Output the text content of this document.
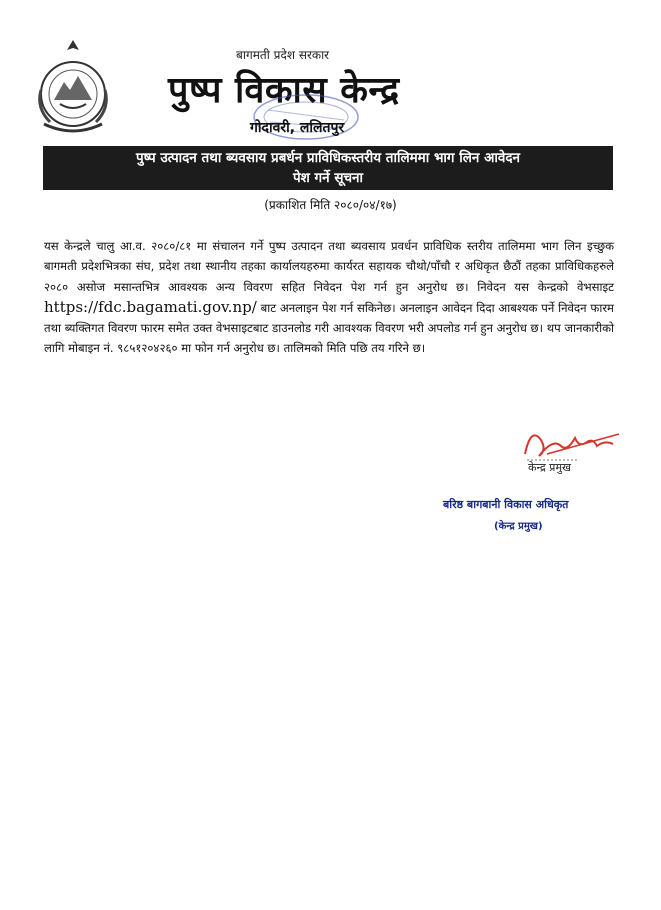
बागमती प्रदेश सरकार
पुष्प विकास केन्द्र
गोदावरी, ललितपुर
पुष्प उत्पादन तथा ब्यवसाय प्रबर्धन प्राविधिकस्तरीय तालिममा भाग लिन आवेदन
पेश गर्ने सूचना
(प्रकाशित मिति २०८०/०४/१७)
यस केन्द्रले चालु आ.व. २०८०/८१ मा संचालन गर्ने पुष्प उत्पादन तथा ब्यवसाय प्रवर्धन प्राविधिक स्तरीय तालिममा भाग लिन इच्छुक बागमती प्रदेशभित्रका संघ, प्रदेश तथा स्थानीय तहका कार्यालयहरुमा कार्यरत सहायक चौथो/पाँचौ र अधिकृत छैठौं तहका प्राविधिकहरुले २०८० असोज मसान्तभित्र आवश्यक अन्य विवरण सहित निवेदन पेश गर्न हुन अनुरोध छ। निवेदन यस केन्द्रको वेभसाइट https://fdc.bagamati.gov.np/ बाट अनलाइन पेश गर्न सकिनेछ। अनलाइन आवेदन दिदा आबश्यक पर्ने निवेदन फारम तथा ब्यक्तिगत विवरण फारम समेत उक्त वेभसाइटबाट डाउनलोड गरी आवश्यक विवरण भरी अपलोड गर्न हुन अनुरोध छ। थप जानकारीको लागि मोबाइन नं. ९८५१२०४२६० मा फोन गर्न अनुरोध छ। तालिमको मिति पछि तय गरिने छ।
केन्द्र प्रमुख
बरिष्ठ बागबानी विकास अधिकृत
(केन्द्र प्रमुख)
